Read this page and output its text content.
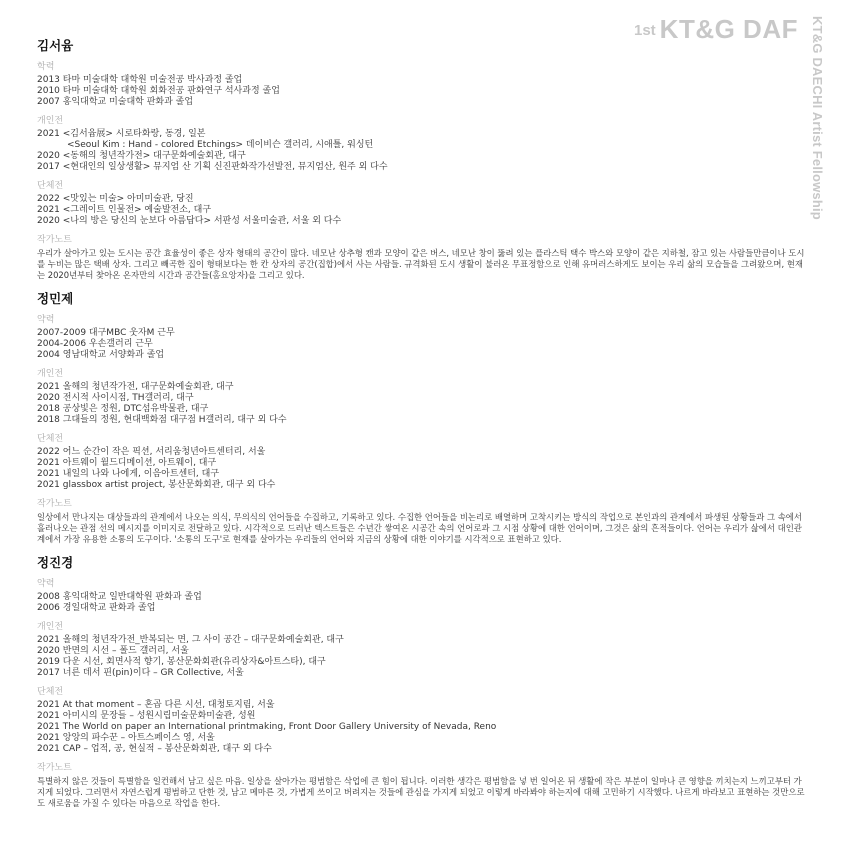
1st KT&G DAF KT&G DAECHI Artist Fellowship
김서윰
학력
2013 타마 미술대학 대학원 미술전공 박사과정 졸업
2010 타마 미술대학 대학원 회화전공 판화연구 석사과정 졸업
2007 홍익대학교 미술대학 판화과 졸업
개인전
2021 <김서윰展> 시로타화랑, 동경, 일본
<Seoul Kim : Hand - colored Etchings> 데이비슨 갤러리, 시애틀, 워싱턴
2020 <동해의 청년작가전> 대구문화예술회관, 대구
2017 <현대인의 일상생활> 뮤지엄 산 기획 신진판화작가선발전, 뮤지엄산, 원주 외 다수
단체전
2022 <맛있는 미술> 아미미술관, 당진
2021 <그레이트 인물전> 예술발전소, 대구
2020 <나의 방은 당신의 눈보다 아름답다> 서판성 서울미술관, 서울 외 다수
작가노트
우리가 살아가고 있는 도시는 공간 효율성이 좋은 상자 형태의 공간이 많다. 네모난 상추형 캔과 모양이 같은 버스, 네모난 창이 뚫려 있는 플라스틱 택수 박스와 모양이 같은 지하철, 잠고 있는 사람들만큼이나 도시를 누비는 많은 택배 상자. 그리고 빼곡한 집이 형태보다는 한 칸 상자의 공간(집합)에서 사는 사람들. 규격화된 도시 생활이 불러온 무표정함으로 인해 유머러스하게도 보이는 우리 삶의 모습들을 그려왔으며, 현재는 2020년부터 찾아온 온자만의 시간과 공간들(홈요앙자)을 그리고 있다.
정민제
약력
2007-2009 대구MBC 웃자M 근무
2004-2006 우손갤러리 근무
2004 영남대학교 서양화과 졸업
개인전
2021 올해의 청년작가전, 대구문화예술회관, 대구
2020 전시적 사이시점, TH갤러리, 대구
2018 공상빛은 정원, DTC섬유박물관, 대구
2018 그대들의 정원, 현대백화점 대구점 H갤러리, 대구 외 다수
단체전
2022 어느 순간이 작은 픽션, 서리움청년아트센터리, 서울
2021 아트웨이 월드디메이션, 아트웨이, 대구
2021 내일의 나와 나에게, 이음아트센터, 대구
2021 glassbox artist project, 봉산문화회관, 대구 외 다수
작가노트
일상에서 만나지는 대상들과의 관계에서 나오는 의식, 무의식의 언어들을 수집하고, 기록하고 있다. 수집한 언어들을 비논리로 배열하며 고착시키는 방식의 작업으로 본인과의 관계에서 파생된 상황들과 그 속에서 흘러나오는 관점 선의 메시지를 이미지로 전달하고 있다. 시각적으로 드러난 텍스트들은 수년간 쌓여온 시공간 속의 언어로과 그 시점 상황에 대한 언어이며, 그것은 삶의 흔적들이다. 언어는 우리가 삶에서 대인관계에서 가장 유용한 소통의 도구이다. '소통의 도구'로 현재를 살아가는 우리들의 언어와 지금의 상황에 대한 이야기를 시각적으로 표현하고 있다.
정진경
약력
2008 홍익대학교 일반대학원 판화과 졸업
2006 경일대학교 판화과 졸업
개인전
2021 올해의 청년작가전_반복되는 면, 그 사이 공간 – 대구문화예술회관, 대구
2020 반면의 시선 – 폴드 갤러리, 서울
2019 다운 시선, 회면사적 향기, 봉산문화회관(유리상자&아트스타), 대구
2017 너른 데서 핀(pin)이다 – GR Collective, 서울
단체전
2021 At that moment – 혼곱 다른 시선, 대청토지림, 서울
2021 아미시의 문장들 – 성원시립미술문화미술관, 성원
2021 The World on paper an International printmaking, Front Door Gallery University of Nevada, Reno
2021 앙앙의 파수꾼 – 아트스페이스 영, 서울
2021 CAP – 업적, 공, 현실적 – 봉산문화회관, 대구 외 다수
작가노트
특별하지 않은 것들이 특별함을 일컨해서 남고 싶은 마음. 일상을 살아가는 평범함은 삭업에 큰 힘이 됩니다. 이러한 생각은 평범함을 넣 번 일어온 뒤 생활에 작은 부분이 일마나 큰 영향을 끼치는지 느끼고부터 가지게 되었다. 그러면서 자연스럽게 평범하고 단한 것, 남고 메마른 것, 가볍게 쓰이고 버려지는 것들에 관심을 가지게 되었고 이렇게 바라봐야 하는지에 대해 고민하기 시작했다. 나르게 바라보고 표현하는 것만으로도 새로움을 가질 수 있다는 마음으로 작업을 한다.
